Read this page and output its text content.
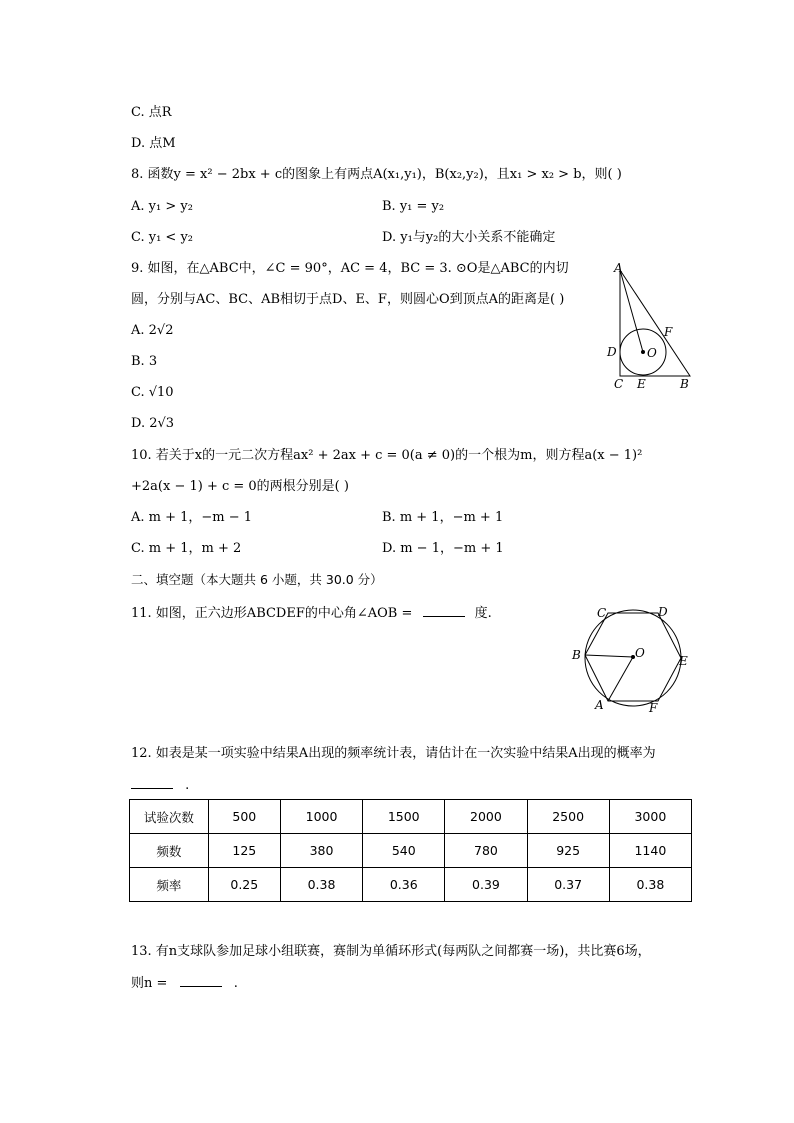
C. 点R
D. 点M
8. 函数y = x² − 2bx + c的图象上有两点A(x₁,y₁)，B(x₂,y₂)，且x₁ > x₂ > b，则( )
A. y₁ > y₂	B. y₁ = y₂
C. y₁ < y₂	D. y₁与y₂的大小关系不能确定
9. 如图，在△ABC中，∠C = 90°，AC = 4，BC = 3. ⊙O是△ABC的内切
圆，分别与AC、BC、AB相切于点D、E、F，则圆心O到顶点A的距离是( )
A. 2√2
B. 3
C. √10
D. 2√3
A
F
D	O
C E	B
10. 若关于x的一元二次方程ax² + 2ax + c = 0(a ≠ 0)的一个根为m，则方程a(x − 1)²
+2a(x − 1) + c = 0的两根分别是( )
A. m + 1，−m − 1	B. m + 1，−m + 1
C. m + 1，m + 2	D. m − 1，−m + 1
二、填空题（本大题共 6 小题，共 30.0 分）
11. 如图，正六边形ABCDEF的中心角∠AOB =	度.	C	D
B	O
E
A	F
12. 如表是某一项实验中结果A出现的频率统计表，请估计在一次实验中结果A出现的概率为
.
试验次数	500	1000	1500	2000	2500	3000
频数	125	380	540	780	925	1140
频率	0.25	0.38	0.36	0.39	0.37	0.38
13. 有n支球队参加足球小组联赛，赛制为单循环形式(每两队之间都赛一场)，共比赛6场，
则n =	.
